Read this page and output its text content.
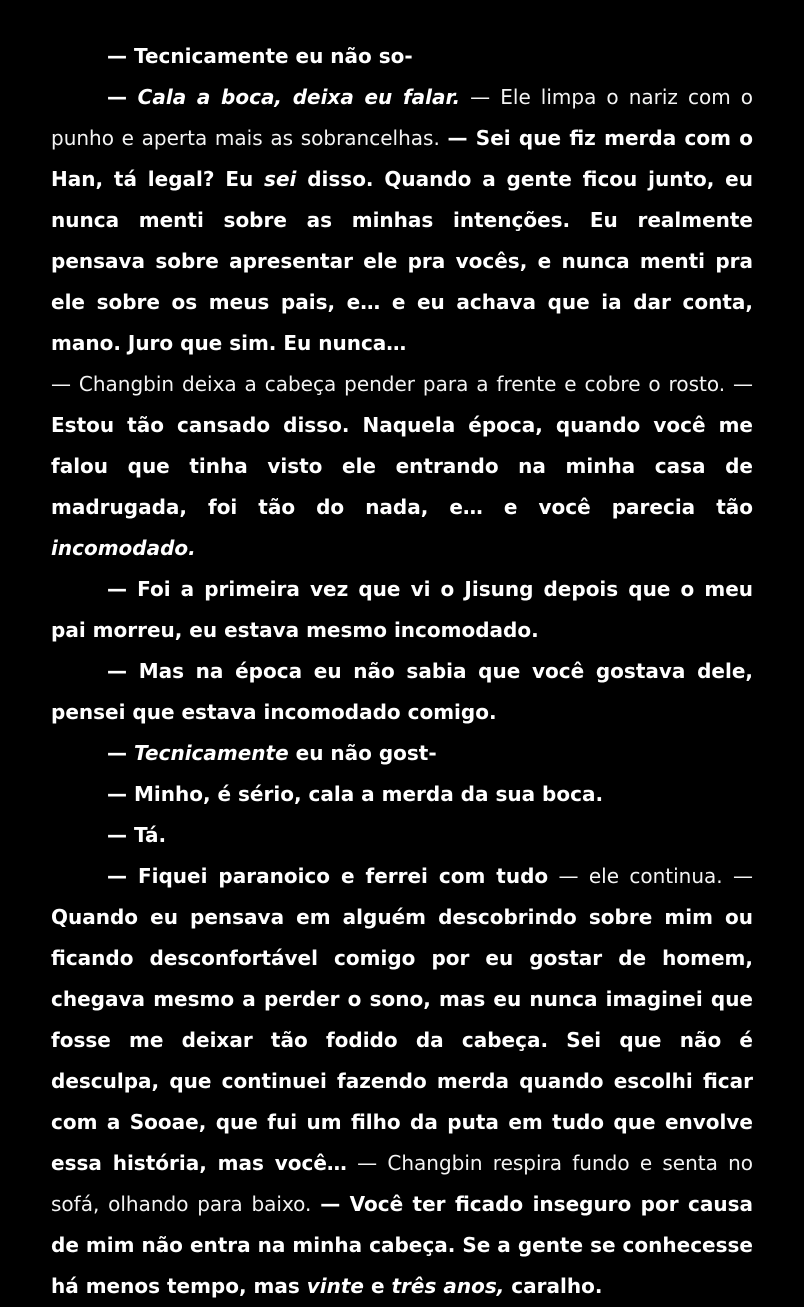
— Tecnicamente eu não so-

— Cala a boca, deixa eu falar. — Ele limpa o nariz com o punho e aperta mais as sobrancelhas. — Sei que fiz merda com o Han, tá legal? Eu sei disso. Quando a gente ficou junto, eu nunca menti sobre as minhas intenções. Eu realmente pensava sobre apresentar ele pra vocês, e nunca menti pra ele sobre os meus pais, e… e eu achava que ia dar conta, mano. Juro que sim. Eu nunca…

— Changbin deixa a cabeça pender para a frente e cobre o rosto. — Estou tão cansado disso. Naquela época, quando você me falou que tinha visto ele entrando na minha casa de madrugada, foi tão do nada, e… e você parecia tão incomodado.

— Foi a primeira vez que vi o Jisung depois que o meu pai morreu, eu estava mesmo incomodado.

— Mas na época eu não sabia que você gostava dele, pensei que estava incomodado comigo.

— Tecnicamente eu não gost-

— Minho, é sério, cala a merda da sua boca.

— Tá.

— Fiquei paranoico e ferrei com tudo — ele continua. — Quando eu pensava em alguém descobrindo sobre mim ou ficando desconfortável comigo por eu gostar de homem, chegava mesmo a perder o sono, mas eu nunca imaginei que fosse me deixar tão fodido da cabeça. Sei que não é desculpa, que continuei fazendo merda quando escolhi ficar com a Sooae, que fui um filho da puta em tudo que envolve essa história, mas você… — Changbin respira fundo e senta no sofá, olhando para baixo. — Você ter ficado inseguro por causa de mim não entra na minha cabeça. Se a gente se conhecesse há menos tempo, mas vinte e três anos, caralho.
